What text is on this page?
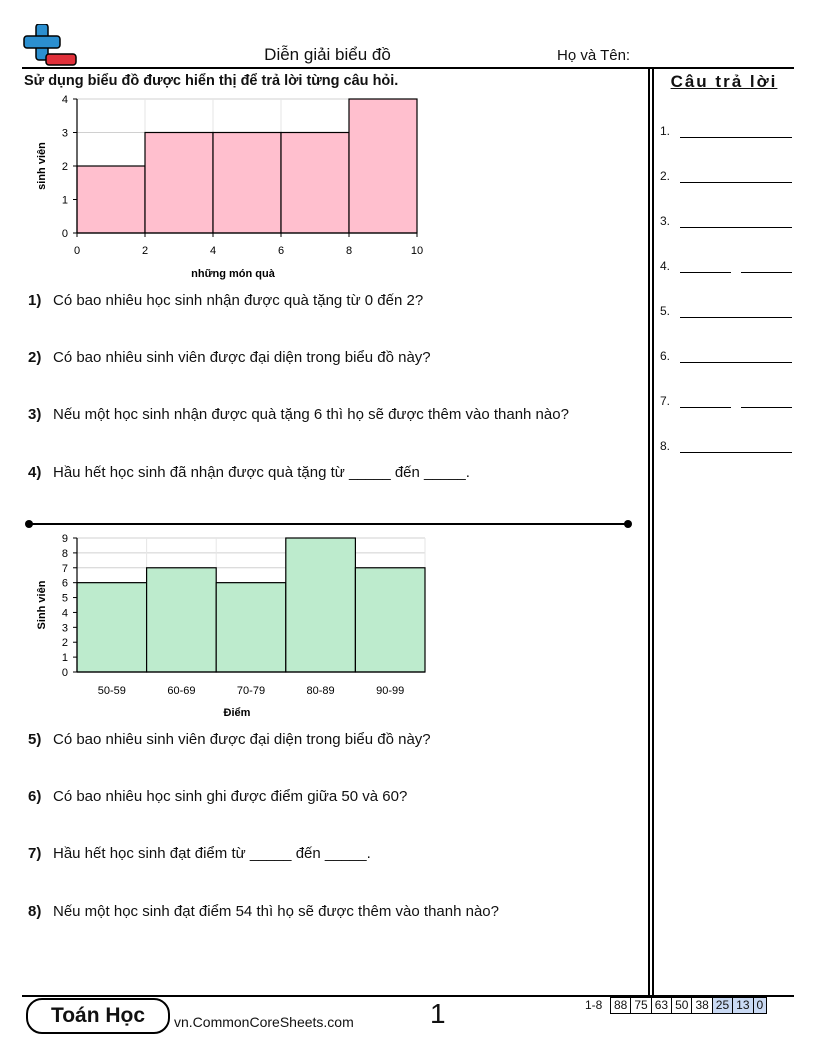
Diễn giải biểu đồ	Họ và Tên:
Sử dụng biểu đồ được hiển thị để trả lời từng câu hỏi.	Câu trả lời
1.
2.
3.
4.
5.
6.
7.
8.
0
1
2
3
4
0	2	4	6	8	10
những món quà
sinh viên
1) Có bao nhiêu học sinh nhận được quà tặng từ 0 đến 2?
2) Có bao nhiêu sinh viên được đại diện trong biểu đồ này?
3) Nếu một học sinh nhận được quà tặng 6 thì họ sẽ được thêm vào thanh nào?
4) Hầu hết học sinh đã nhận được quà tặng từ _____ đến _____.
0
1
2
3
4
5
6
7
8
9
50-59	60-69	70-79	80-89	90-99
Điểm
Sinh viên
5) Có bao nhiêu sinh viên được đại diện trong biểu đồ này?
6) Có bao nhiêu học sinh ghi được điểm giữa 50 và 60?
7) Hầu hết học sinh đạt điểm từ _____ đến _____.
8) Nếu một học sinh đạt điểm 54 thì họ sẽ được thêm vào thanh nào?
Toán Học	vn.CommonCoreSheets.com	1	1-8 88 75 63 50 38 25 13 0
